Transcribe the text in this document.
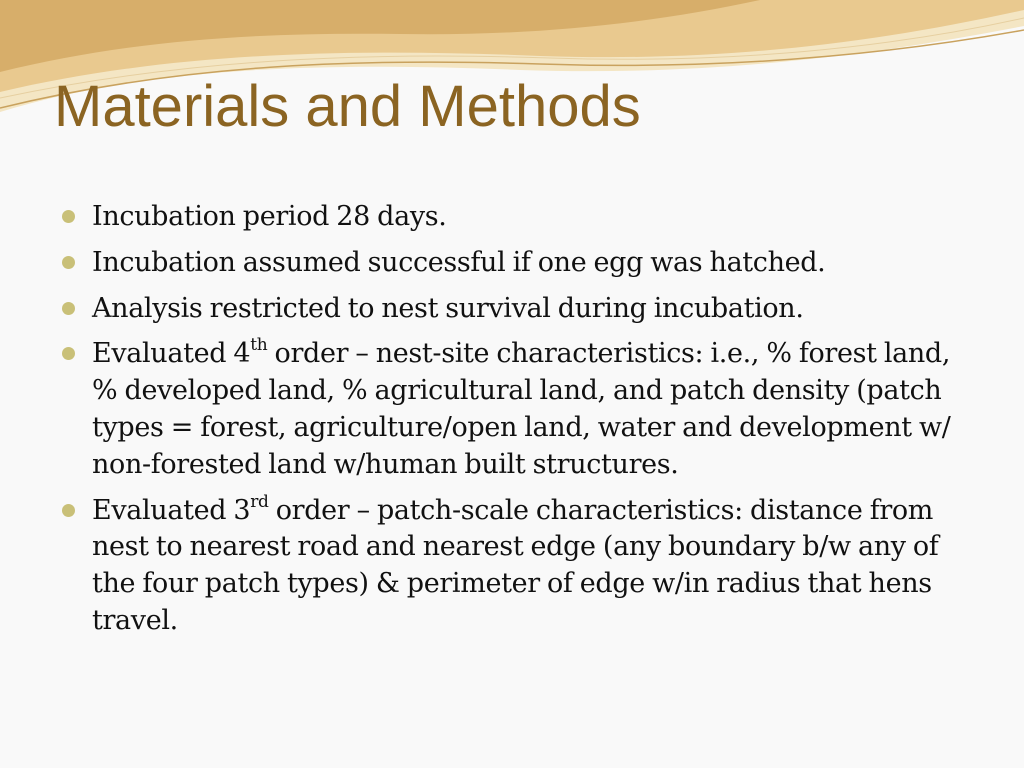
Materials and Methods
Incubation period 28 days.
Incubation assumed successful if one egg was hatched.
Analysis restricted to nest survival during incubation.
Evaluated 4th order – nest-site characteristics: i.e., % forest land, % developed land, % agricultural land, and patch density (patch types = forest, agriculture/open land, water and development w/ non-forested land w/human built structures.
Evaluated 3rd order – patch-scale characteristics: distance from nest to nearest road and nearest edge (any boundary b/w any of the four patch types) & perimeter of edge w/in radius that hens travel.
